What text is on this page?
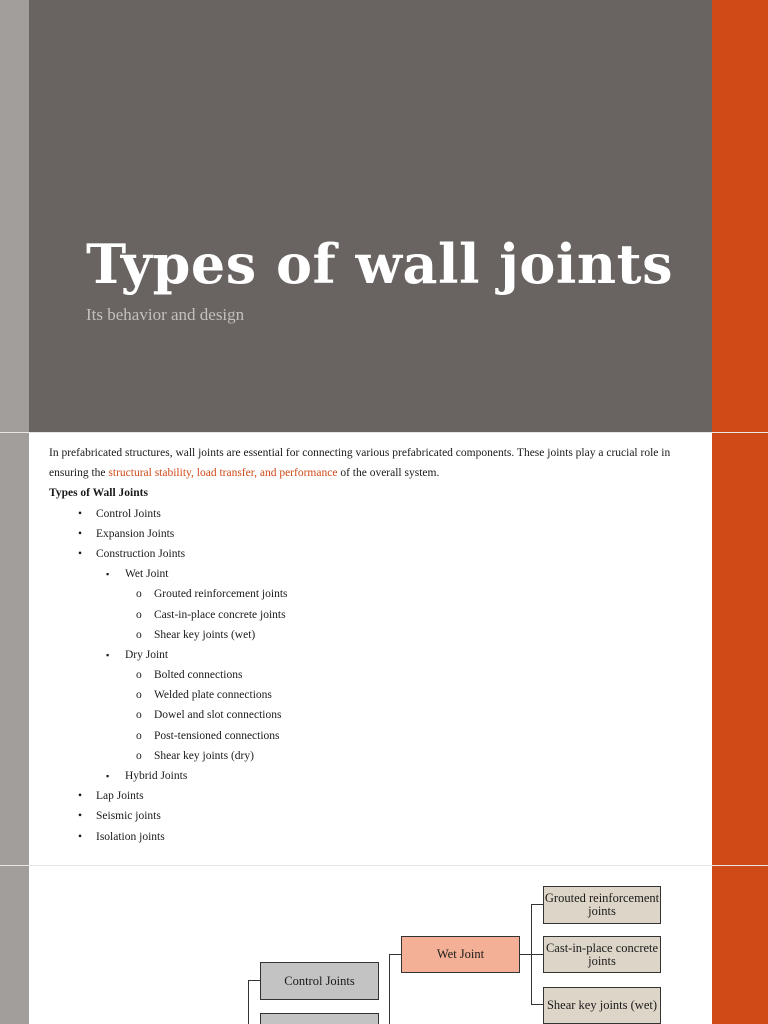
Types of wall joints

Its behavior and design

In prefabricated structures, wall joints are essential for connecting various prefabricated components. These joints play a crucial role in ensuring the structural stability, load transfer, and performance of the overall system.

Types of Wall Joints
• Control Joints
• Expansion Joints
• Construction Joints
▪ Wet Joint
o Grouted reinforcement joints
o Cast-in-place concrete joints
o Shear key joints (wet)
▪ Dry Joint
o Bolted connections
o Welded plate connections
o Dowel and slot connections
o Post-tensioned connections
o Shear key joints (dry)
▪ Hybrid Joints
• Lap Joints
• Seismic joints
• Isolation joints
Control Joints
Wet Joint
Grouted reinforcement joints
Cast-in-place concrete joints
Shear key joints (wet)
